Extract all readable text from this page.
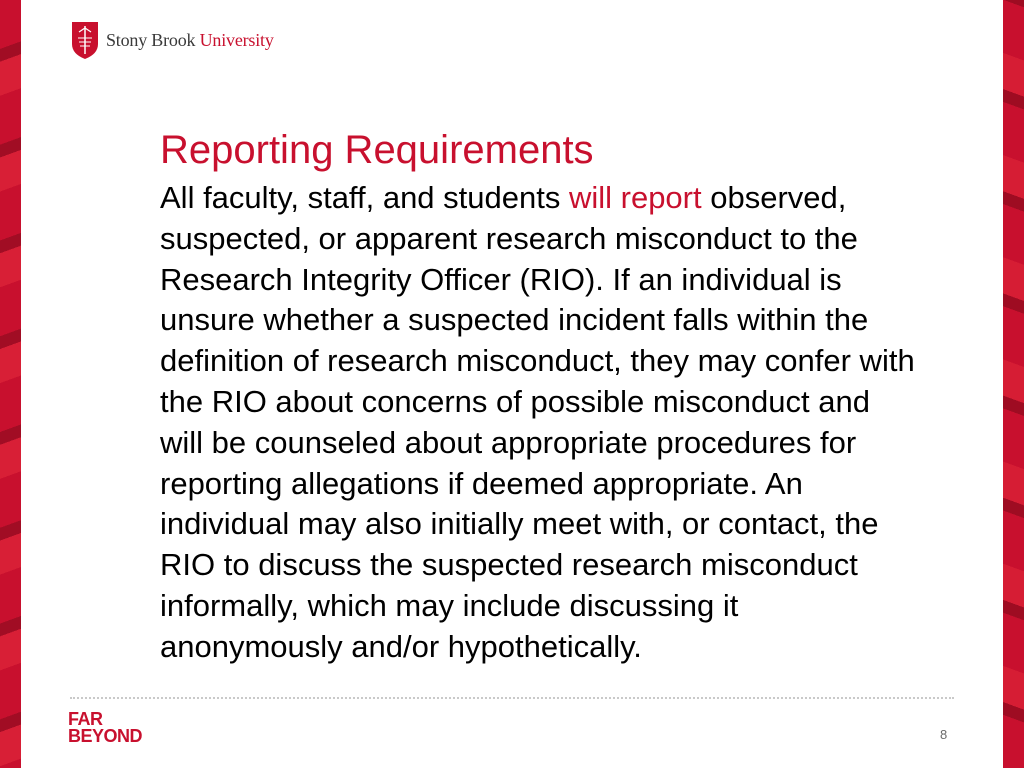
Stony Brook University
Reporting Requirements

All faculty, staff, and students will report observed, suspected, or apparent research misconduct to the Research Integrity Officer (RIO). If an individual is unsure whether a suspected incident falls within the definition of research misconduct, they may confer with the RIO about concerns of possible misconduct and will be counseled about appropriate procedures for reporting allegations if deemed appropriate. An individual may also initially meet with, or contact, the RIO to discuss the suspected research misconduct informally, which may include discussing it anonymously and/or hypothetically.

FAR
BEYOND	8
